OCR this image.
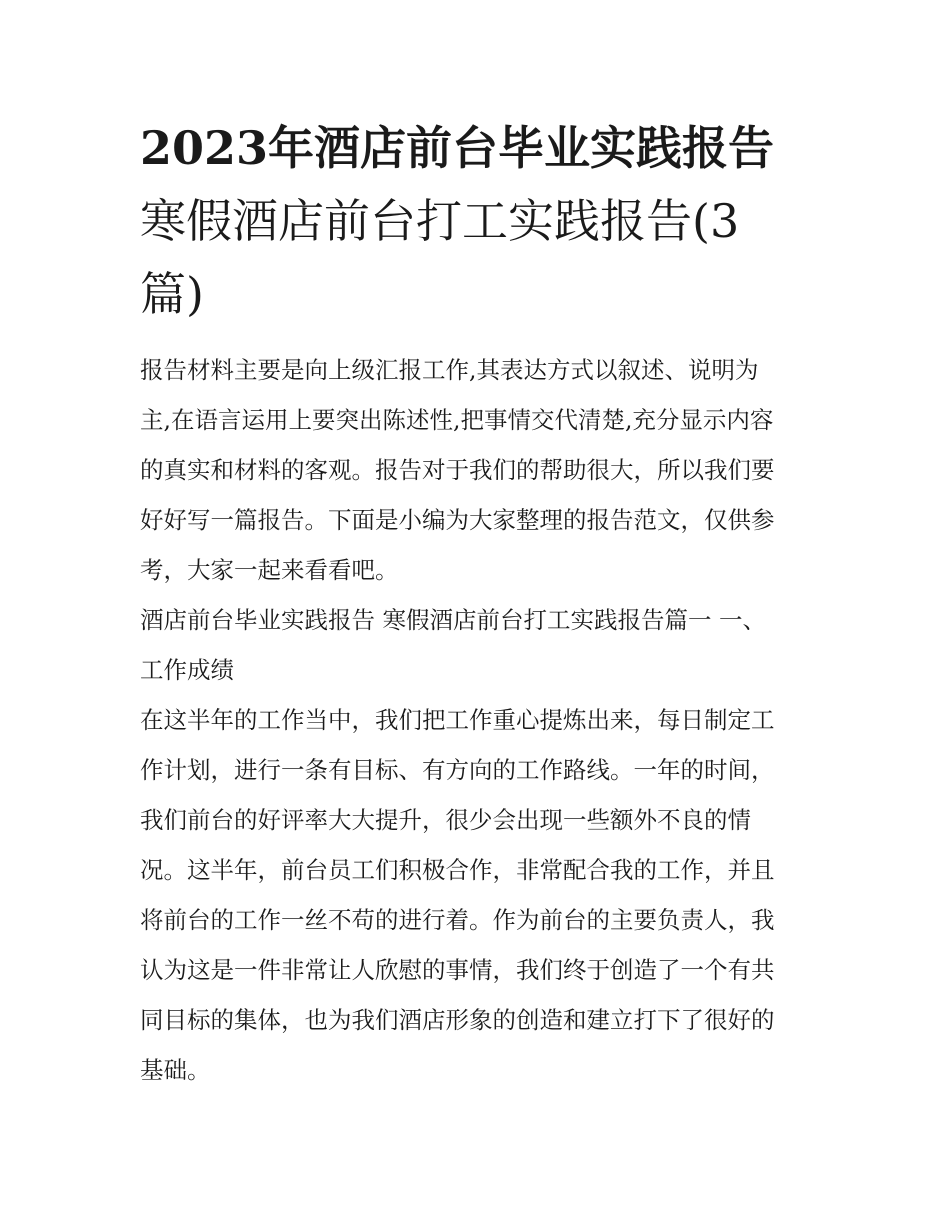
2023年酒店前台毕业实践报告
寒假酒店前台打工实践报告(3
篇)

报告材料主要是向上级汇报工作,其表达方式以叙述、说明为
主,在语言运用上要突出陈述性,把事情交代清楚,充分显示内容
的真实和材料的客观。报告对于我们的帮助很大，所以我们要
好好写一篇报告。下面是小编为大家整理的报告范文，仅供参
考，大家一起来看看吧。

酒店前台毕业实践报告 寒假酒店前台打工实践报告篇一 一、
工作成绩

在这半年的工作当中，我们把工作重心提炼出来，每日制定工
作计划，进行一条有目标、有方向的工作路线。一年的时间，
我们前台的好评率大大提升，很少会出现一些额外不良的情
况。这半年，前台员工们积极合作，非常配合我的工作，并且
将前台的工作一丝不苟的进行着。作为前台的主要负责人，我
认为这是一件非常让人欣慰的事情，我们终于创造了一个有共
同目标的集体，也为我们酒店形象的创造和建立打下了很好的
基础。
